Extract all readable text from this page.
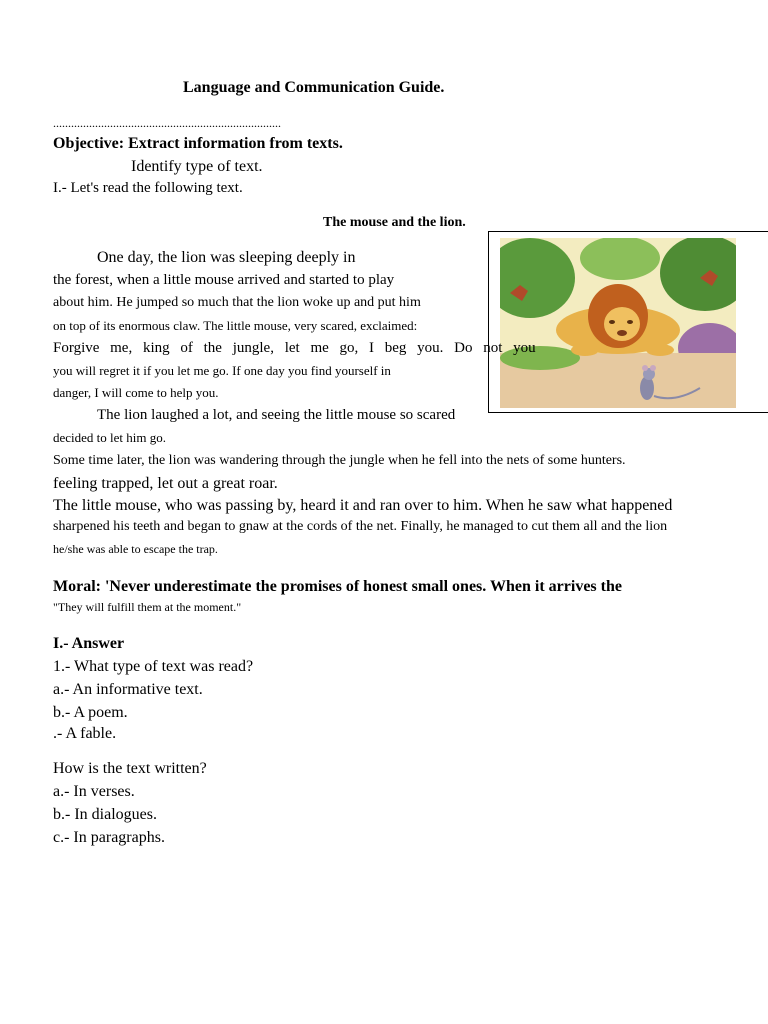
Language and Communication Guide.
............................................................................
Objective: Extract information from texts.
Identify type of text.
I.- Let's read the following text.
The mouse and the lion.
One day, the lion was sleeping deeply in
the forest, when a little mouse arrived and started to play
about him. He jumped so much that the lion woke up and put him
on top of its enormous claw. The little mouse, very scared, exclaimed:
Forgive me, king of the jungle, let me go, I beg you. Do not you
you will regret it if you let me go. If one day you find yourself in
danger, I will come to help you.
The lion laughed a lot, and seeing the little mouse so scared
decided to let him go.
Some time later, the lion was wandering through the jungle when he fell into the nets of some hunters.
feeling trapped, let out a great roar.
The little mouse, who was passing by, heard it and ran over to him. When he saw what happened
sharpened his teeth and began to gnaw at the cords of the net. Finally, he managed to cut them all and the lion
he/she was able to escape the trap.
Moral: 'Never underestimate the promises of honest small ones. When it arrives the
"They will fulfill them at the moment."
I.- Answer
1.- What type of text was read?
a.- An informative text.
b.- A poem.
.- A fable.
How is the text written?
a.- In verses.
b.- In dialogues.
c.- In paragraphs.
